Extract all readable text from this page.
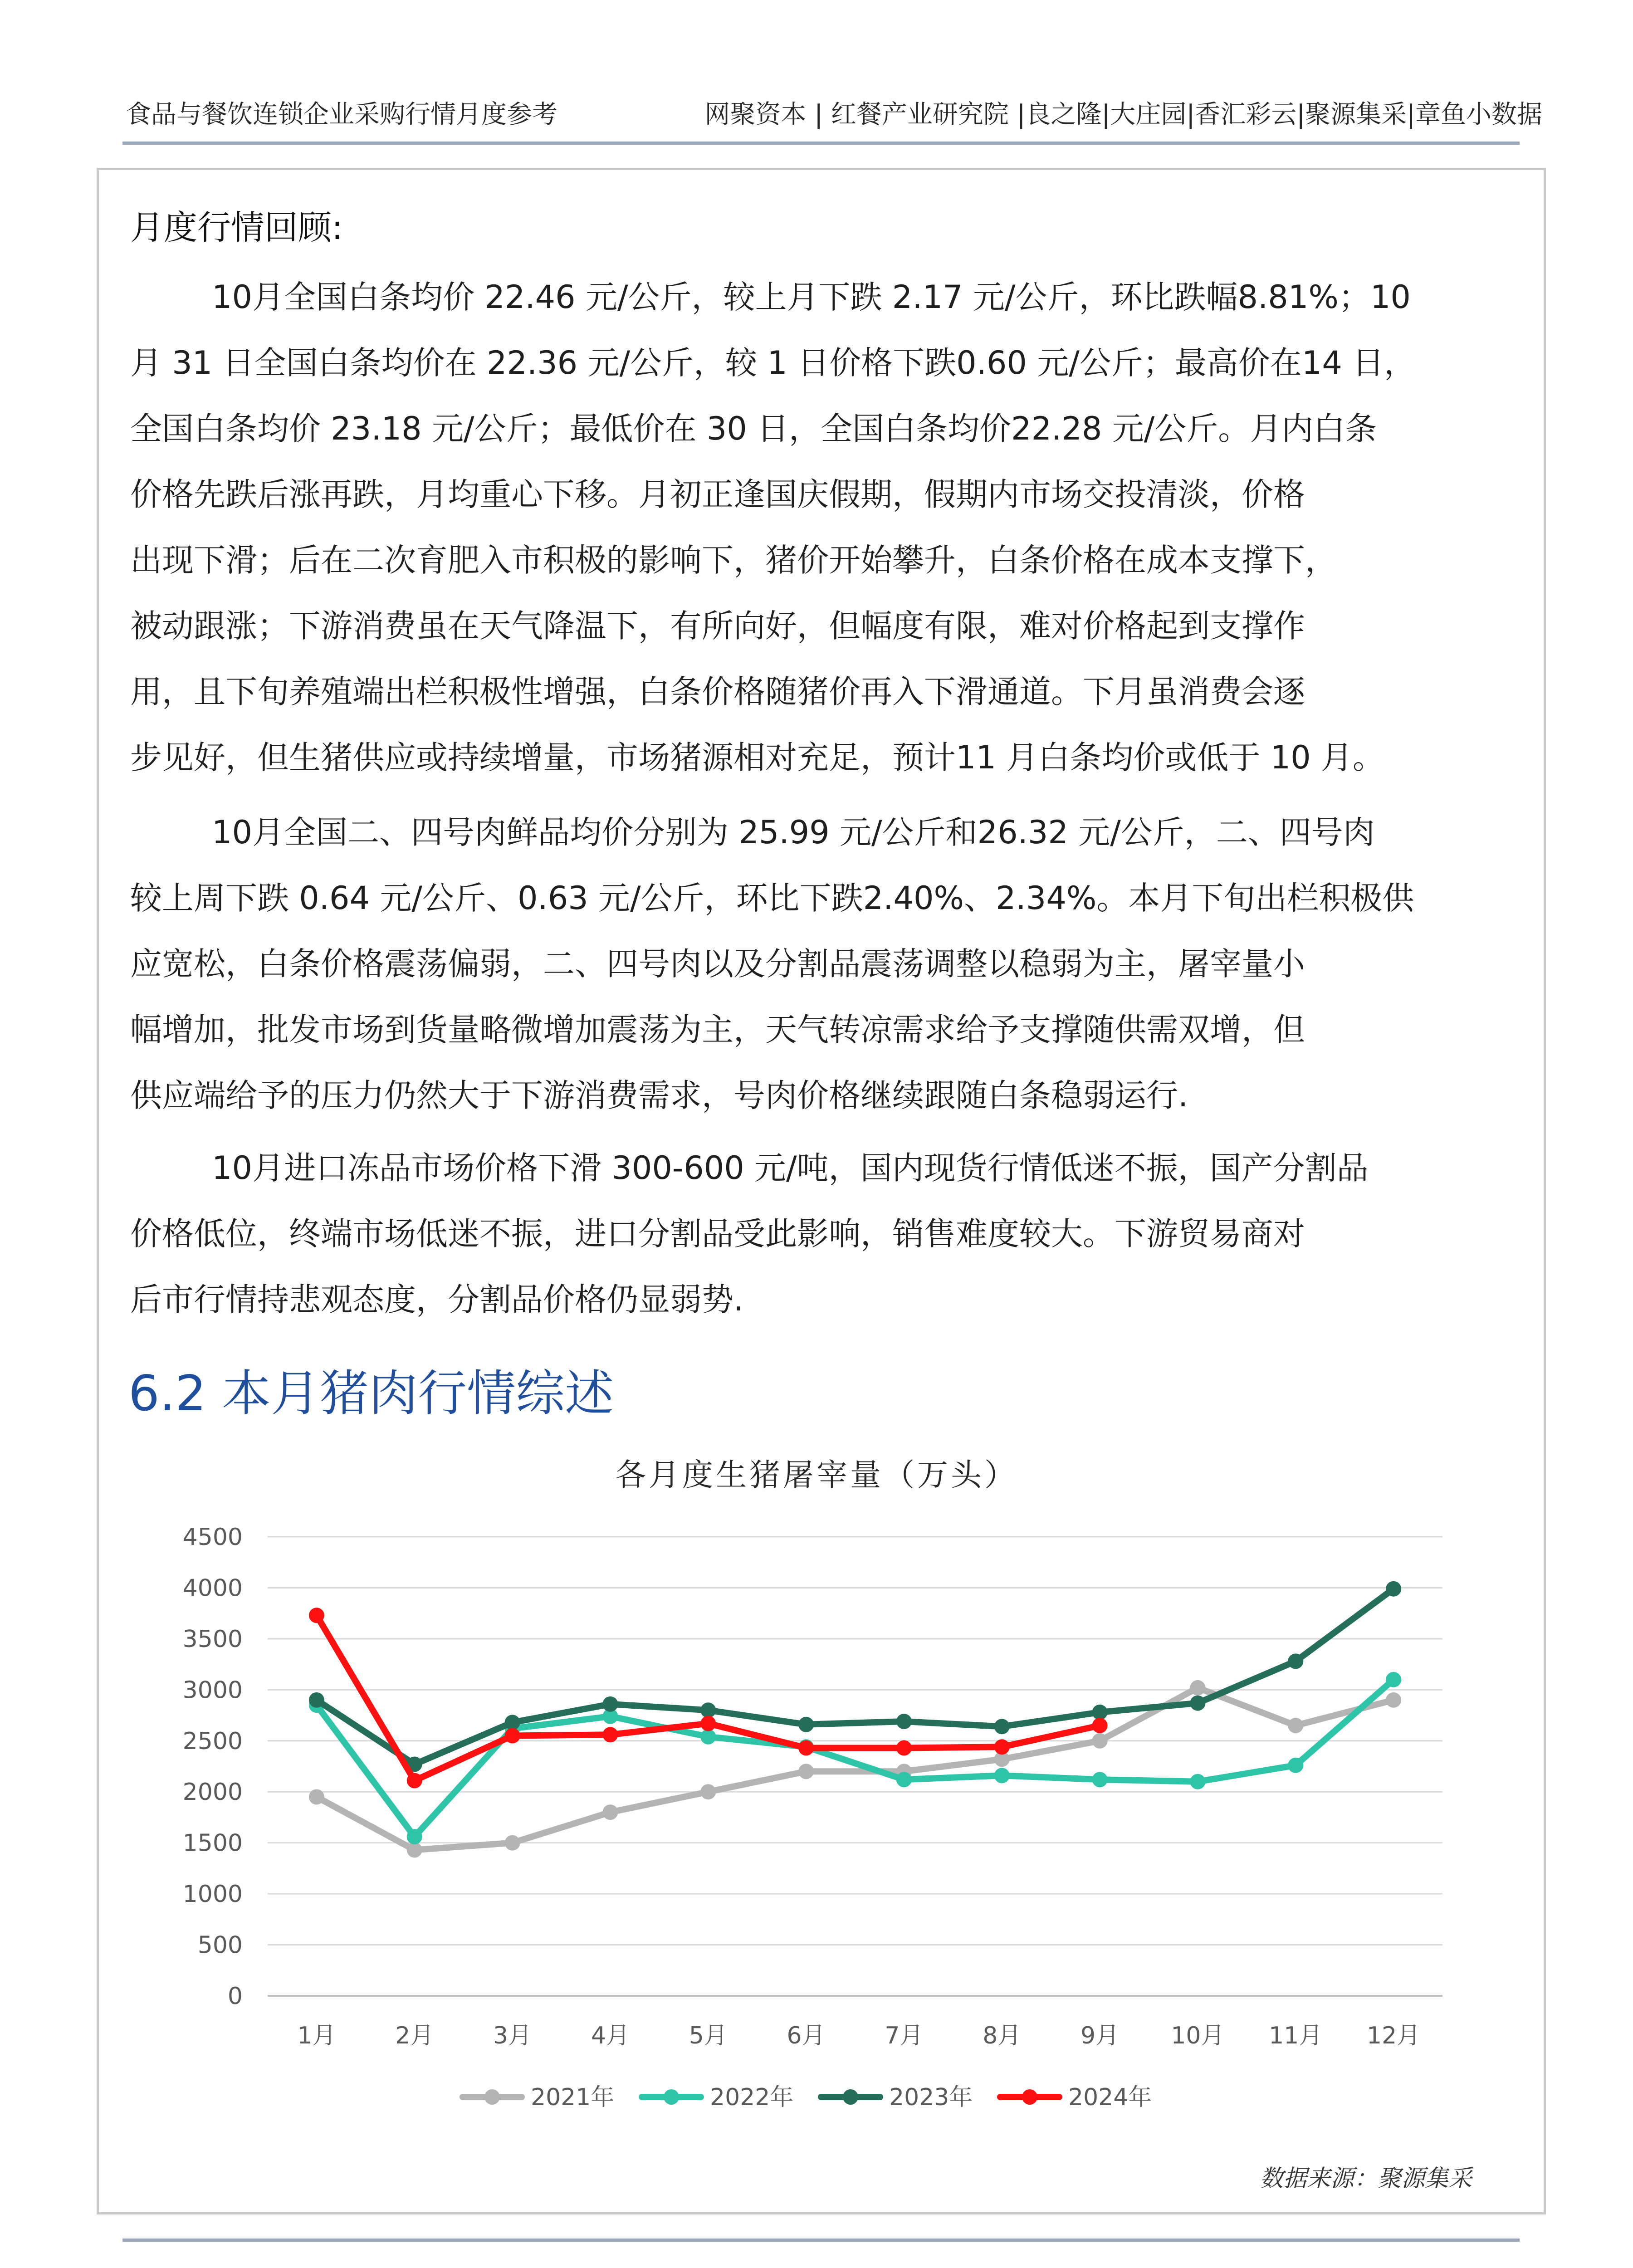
食品与餐饮连锁企业采购行情月度参考	网聚资本 | 红餐产业研究院 |良之隆|大庄园|香汇彩云|聚源集采|章鱼小数据
月度行情回顾:
10月全国白条均价 22.46 元/公斤，较上月下跌 2.17 元/公斤，环比跌幅8.81%；10
月 31 日全国白条均价在 22.36 元/公斤，较 1 日价格下跌0.60 元/公斤；最高价在14 日，
全国白条均价 23.18 元/公斤；最低价在 30 日，全国白条均价22.28 元/公斤。月内白条
价格先跌后涨再跌，月均重心下移。月初正逢国庆假期，假期内市场交投清淡，价格
出现下滑；后在二次育肥入市积极的影响下，猪价开始攀升，白条价格在成本支撑下，
被动跟涨；下游消费虽在天气降温下，有所向好，但幅度有限，难对价格起到支撑作
用，且下旬养殖端出栏积极性增强，白条价格随猪价再入下滑通道。下月虽消费会逐
步见好，但生猪供应或持续增量，市场猪源相对充足，预计11 月白条均价或低于 10 月。
10月全国二、四号肉鲜品均价分别为 25.99 元/公斤和26.32 元/公斤，二、四号肉
较上周下跌 0.64 元/公斤、0.63 元/公斤，环比下跌2.40%、2.34%。本月下旬出栏积极供
应宽松，白条价格震荡偏弱，二、四号肉以及分割品震荡调整以稳弱为主，屠宰量小
幅增加，批发市场到货量略微增加震荡为主，天气转凉需求给予支撑随供需双增，但
供应端给予的压力仍然大于下游消费需求，号肉价格继续跟随白条稳弱运行.
10月进口冻品市场价格下滑 300-600 元/吨，国内现货行情低迷不振，国产分割品
价格低位，终端市场低迷不振，进口分割品受此影响，销售难度较大。下游贸易商对
后市行情持悲观态度，分割品价格仍显弱势.
6.2 本月猪肉行情综述
各月度生猪屠宰量（万头）
0
500
1000
1500
2000
2500
3000
3500
4000
4500
1月	2月	3月	4月	5月	6月	7月	8月	9月 10月 11月 12月
2021年	2022年	2023年	2024年
数据来源：聚源集采
